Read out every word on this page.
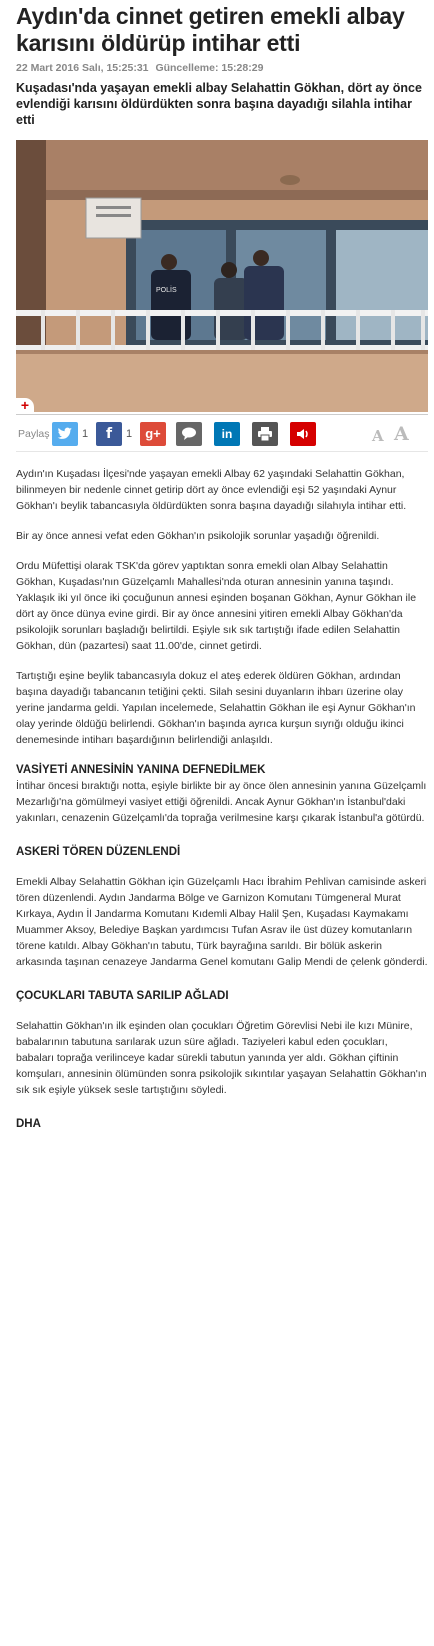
Aydın'da cinnet getiren emekli albay karısını öldürüp intihar etti
22 Mart 2016 Salı, 15:25:31 Güncelleme: 15:28:29
Kuşadası'nda yaşayan emekli albay Selahattin Gökhan, dört ay önce evlendiği karısını öldürdükten sonra başına dayadığı silahla intihar etti
POLİS
+
Paylaş	1	f	1	g+	in	A A

Aydın'ın Kuşadası İlçesi'nde yaşayan emekli Albay 62 yaşındaki Selahattin Gökhan, bilinmeyen bir nedenle cinnet getirip dört ay önce evlendiği eşi 52 yaşındaki Aynur Gökhan'ı beylik tabancasıyla öldürdükten sonra başına dayadığı silahıyla intihar etti.

Bir ay önce annesi vefat eden Gökhan'ın psikolojik sorunlar yaşadığı öğrenildi.

Ordu Müfettişi olarak TSK'da görev yaptıktan sonra emekli olan Albay Selahattin Gökhan, Kuşadası'nın Güzelçamlı Mahallesi'nda oturan annesinin yanına taşındı. Yaklaşık iki yıl önce iki çocuğunun annesi eşinden boşanan Gökhan, Aynur Gökhan ile dört ay önce dünya evine girdi. Bir ay önce annesini yitiren emekli Albay Gökhan'da psikolojik sorunları başladığı belirtildi. Eşiyle sık sık tartıştığı ifade edilen Selahattin Gökhan, dün (pazartesi) saat 11.00'de, cinnet getirdi.

Tartıştığı eşine beylik tabancasıyla dokuz el ateş ederek öldüren Gökhan, ardından başına dayadığı tabancanın tetiğini çekti. Silah sesini duyanların ihbarı üzerine olay yerine jandarma geldi. Yapılan incelemede, Selahattin Gökhan ile eşi Aynur Gökhan'ın olay yerinde öldüğü belirlendi. Gökhan'ın başında ayrıca kurşun sıyrığı olduğu ikinci denemesinde intiharı başardığının belirlendiği anlaşıldı.

VASİYETİ ANNESİNİN YANINA DEFNEDİLMEK

İntihar öncesi bıraktığı notta, eşiyle birlikte bir ay önce ölen annesinin yanına Güzelçamlı Mezarlığı'na gömülmeyi vasiyet ettiği öğrenildi. Ancak Aynur Gökhan'ın İstanbul'daki yakınları, cenazenin Güzelçamlı'da toprağa verilmesine karşı çıkarak İstanbul'a götürdü.

ASKERİ TÖREN DÜZENLENDİ

Emekli Albay Selahattin Gökhan için Güzelçamlı Hacı İbrahim Pehlivan camisinde askeri tören düzenlendi. Aydın Jandarma Bölge ve Garnizon Komutanı Tümgeneral Murat Kırkaya, Aydın İl Jandarma Komutanı Kıdemli Albay Halil Şen, Kuşadası Kaymakamı Muammer Aksoy, Belediye Başkan yardımcısı Tufan Asrav ile üst düzey komutanların törene katıldı. Albay Gökhan'ın tabutu, Türk bayrağına sarıldı. Bir bölük askerin arkasında taşınan cenazeye Jandarma Genel komutanı Galip Mendi de çelenk gönderdi.

ÇOCUKLARI TABUTA SARILIP AĞLADI

Selahattin Gökhan'ın ilk eşinden olan çocukları Öğretim Görevlisi Nebi ile kızı Münire, babalarının tabutuna sarılarak uzun süre ağladı. Taziyeleri kabul eden çocukları, babaları toprağa verilinceye kadar sürekli tabutun yanında yer aldı. Gökhan çiftinin komşuları, annesinin ölümünden sonra psikolojik sıkıntılar yaşayan Selahattin Gökhan'ın sık sık eşiyle yüksek sesle tartıştığını söyledi.

DHA
